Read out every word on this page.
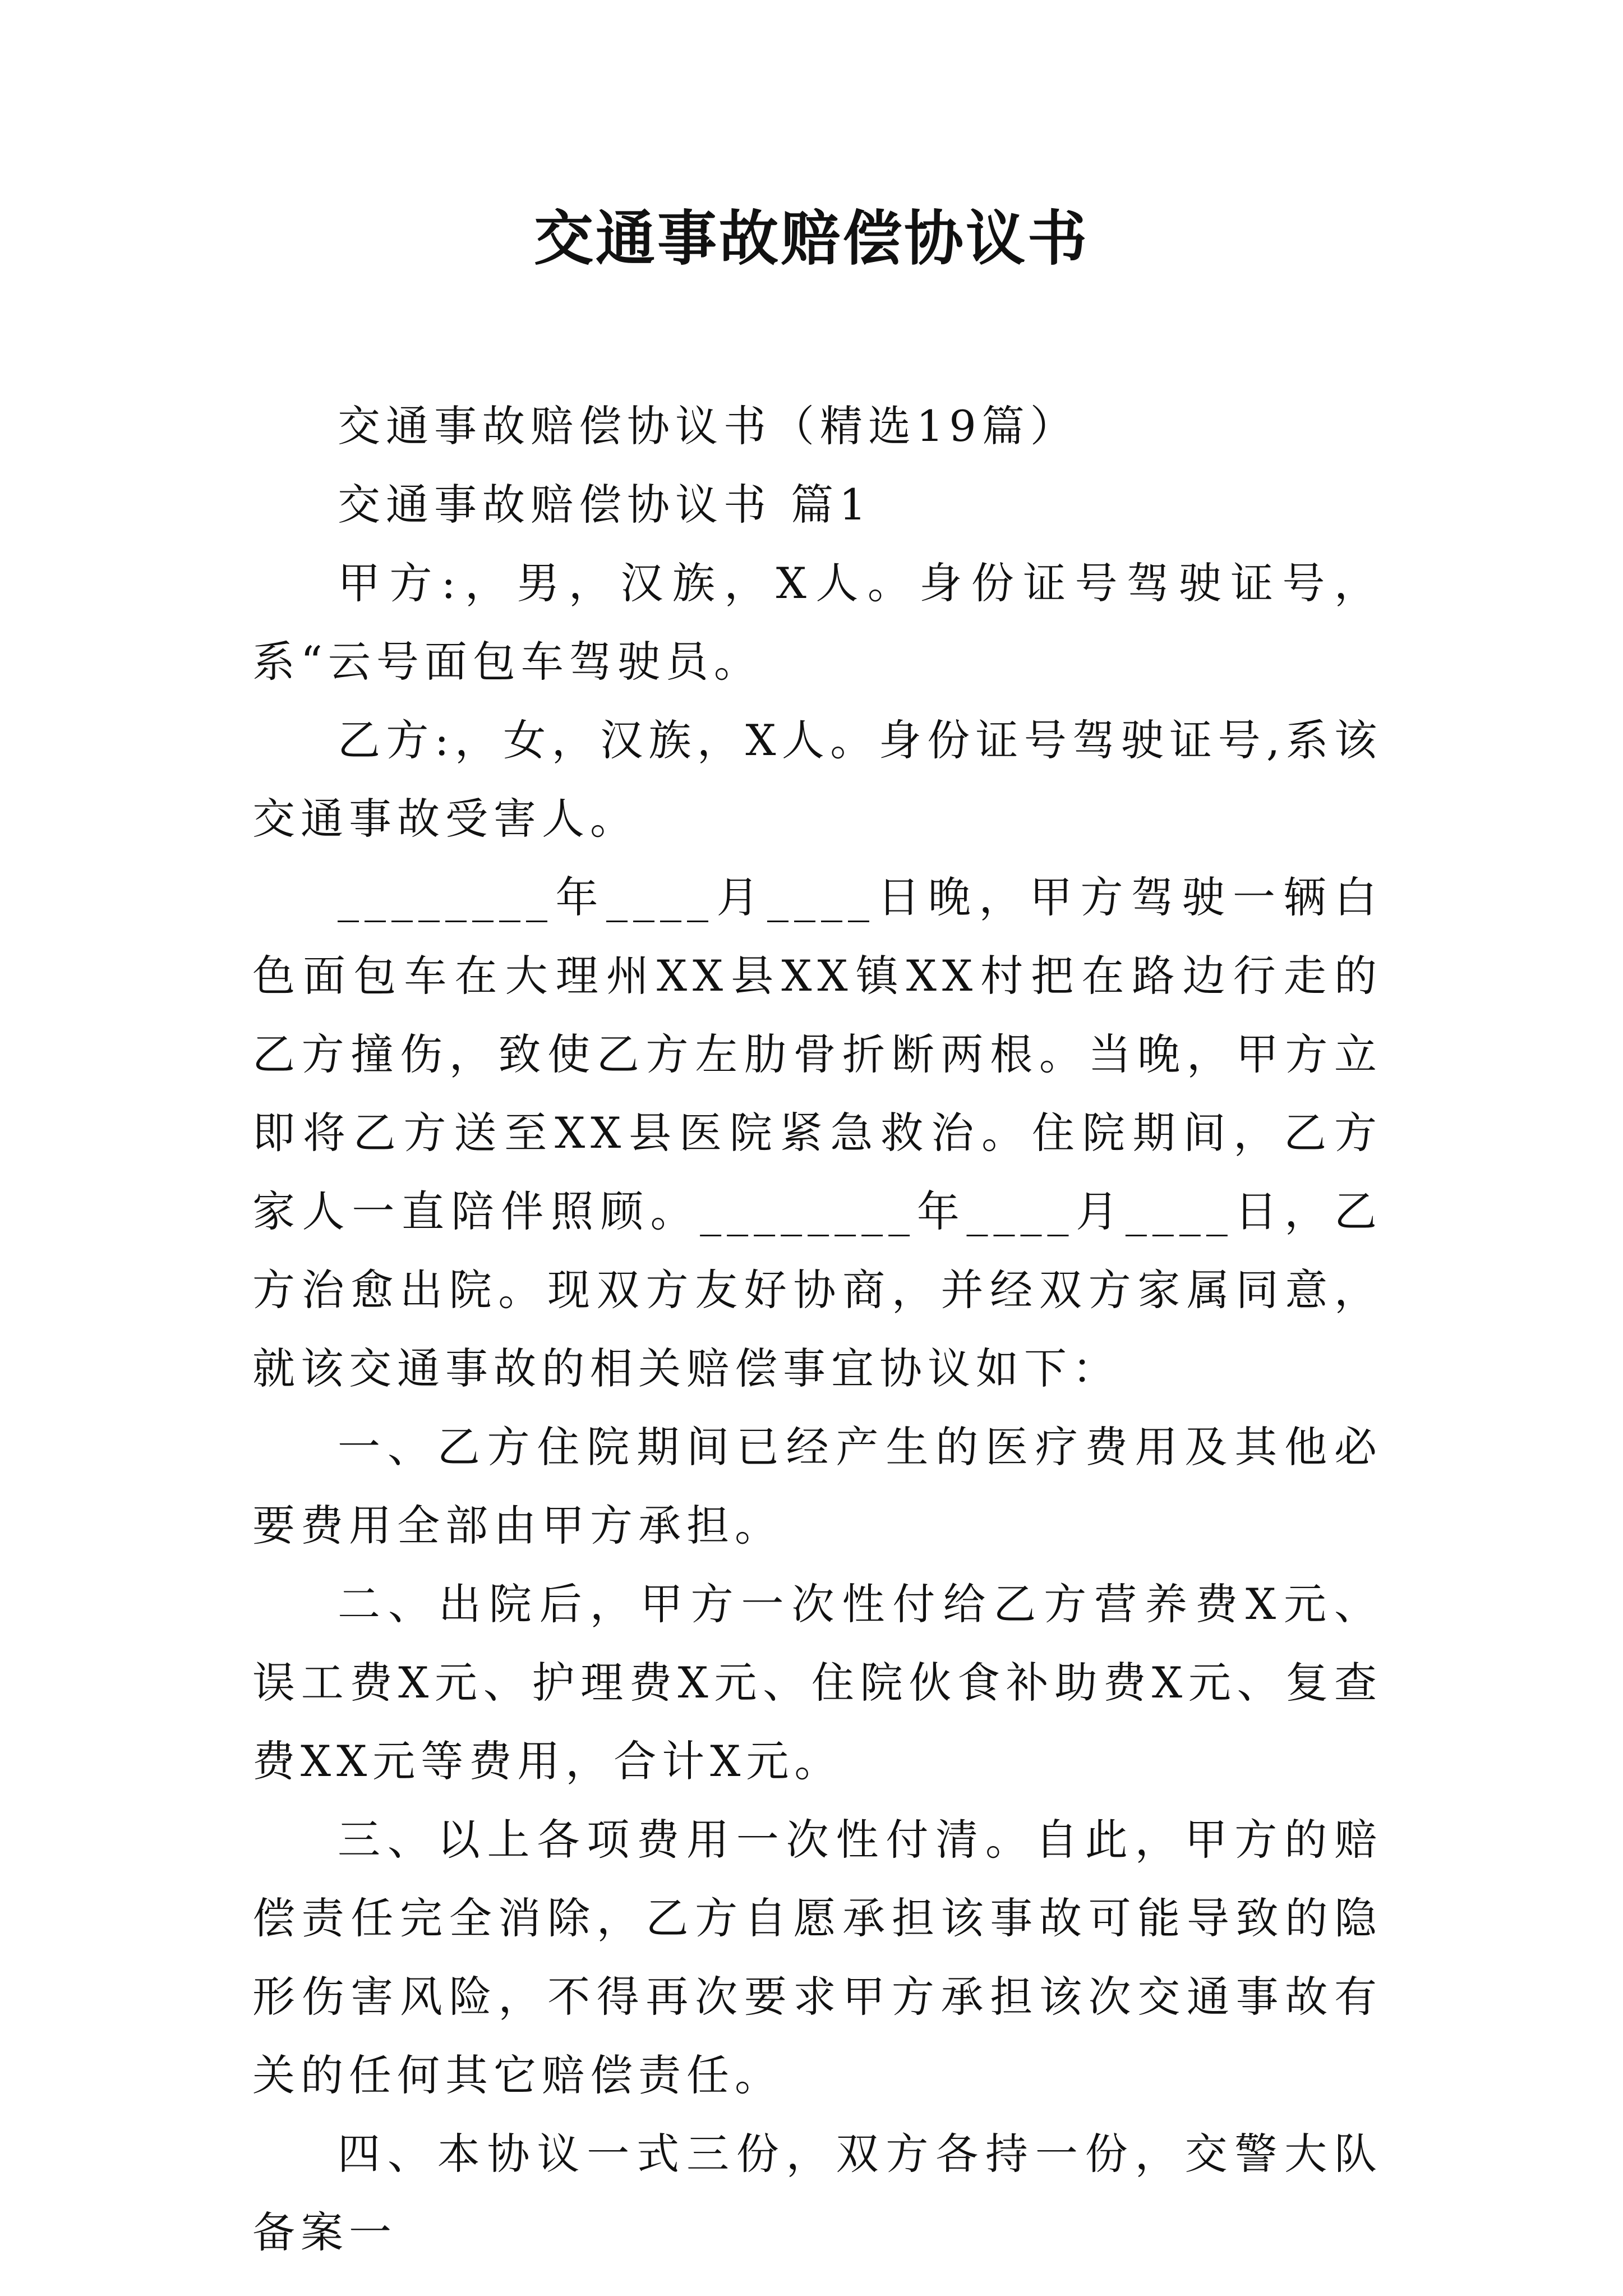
交通事故赔偿协议书

交通事故赔偿协议书（精选19篇）

交通事故赔偿协议书 篇1

甲方:，男，汉族，X人。身份证号驾驶证号，系“云号面包车驾驶员。

乙方:，女，汉族，X人。身份证号驾驶证号,系该交通事故受害人。

________年____月____日晚，甲方驾驶一辆白色面包车在大理州XX县XX镇XX村把在路边行走的乙方撞伤，致使乙方左肋骨折断两根。当晚，甲方立即将乙方送至XX县医院紧急救治。住院期间，乙方家人一直陪伴照顾。________年____月____日，乙方治愈出院。现双方友好协商，并经双方家属同意，就该交通事故的相关赔偿事宜协议如下：

一、乙方住院期间已经产生的医疗费用及其他必要费用全部由甲方承担。

二、出院后，甲方一次性付给乙方营养费X元、误工费X元、护理费X元、住院伙食补助费X元、复查费XX元等费用，合计X元。

三、以上各项费用一次性付清。自此，甲方的赔偿责任完全消除，乙方自愿承担该事故可能导致的隐形伤害风险，不得再次要求甲方承担该次交通事故有关的任何其它赔偿责任。

四、本协议一式三份，双方各持一份，交警大队备案一
